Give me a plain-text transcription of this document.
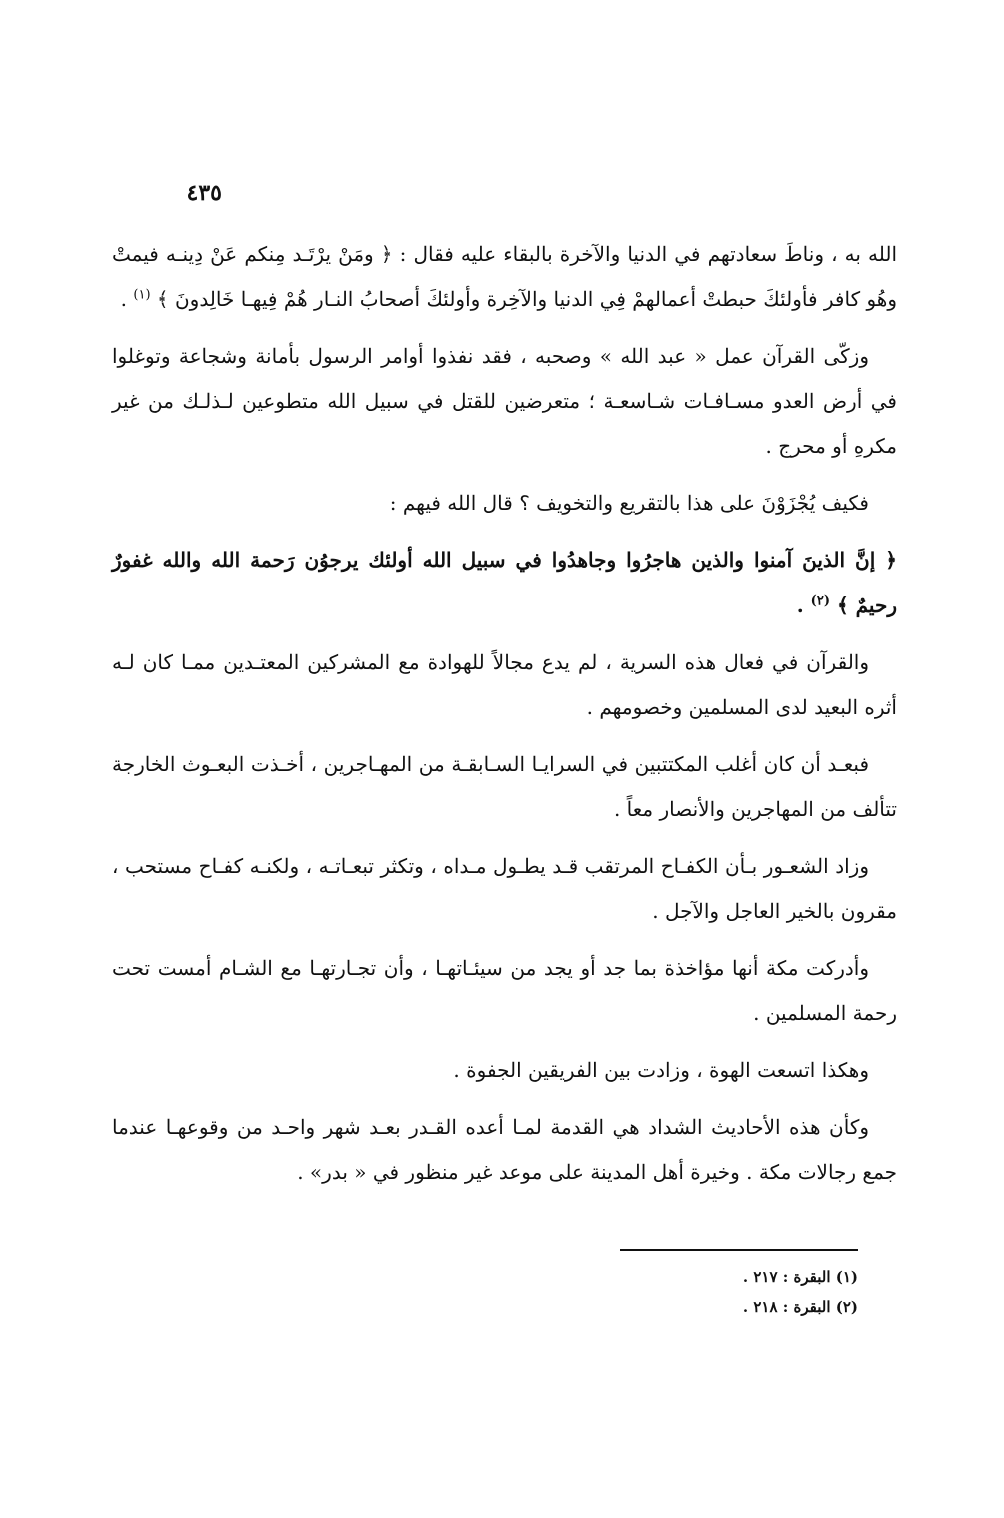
٤٣٥

الله به ، وناطَ سعادتهم في الدنيا والآخرة بالبقاء عليه فقال : ﴿ ومَنْ يرْتَـد مِنكم عَنْ دِينـه فيمتْ وهُو كافر فأولئكَ حبطتْ أعمالهمْ فِي الدنيا والآخِرة وأولئكَ أصحابُ النـار هُمْ فِيهـا خَالِدونَ ﴾ $^{(١)}$ .

وزكّى القرآن عمل « عبد الله » وصحبه ، فقد نفذوا أوامر الرسول بأمانة وشجاعة وتوغلوا في أرض العدو مسـافـات شـاسعـة ؛ متعرضين للقتل في سبيل الله متطوعين لـذلـك من غير مكرهِ أو محرج .

فكيف يُجْزَوْنَ على هذا بالتقريع والتخويف ؟ قال الله فيهم :

﴿ إنَّ الذينَ آمنوا والذين هاجرُوا وجاهدُوا في سبيل الله أولئك يرجوُن رَحمة الله والله غفورٌ رحيمٌ ﴾ $^{(٢)}$ .

والقرآن في فعال هذه السرية ، لم يدع مجالاً للهوادة مع المشركين المعتـدين ممـا كان لـه أثره البعيد لدى المسلمين وخصومهم .

فبعـد أن كان أغلب المكتتبين في السرايـا السـابقـة من المهـاجرين ، أخـذت البعـوث الخارجة تتألف من المهاجرين والأنصار معاً .

وزاد الشعـور بـأن الكفـاح المرتقب قـد يطـول مـداه ، وتكثر تبعـاتـه ، ولكنـه كفـاح مستحب ، مقرون بالخير العاجل والآجل .

وأدركت مكة أنها مؤاخذة بما جد أو يجد من سيئـاتهـا ، وأن تجـارتهـا مع الشـام أمست تحت رحمة المسلمين .

وهكذا اتسعت الهوة ، وزادت بين الفريقين الجفوة .

وكأن هذه الأحاديث الشداد هي القدمة لمـا أعده القـدر بعـد شهر واحـد من وقوعهـا عندما جمع رجالات مكة . وخيرة أهل المدينة على موعد غير منظور في « بدر» .

(١) البقرة : ٢١٧ .
(٢) البقرة : ٢١٨ .
